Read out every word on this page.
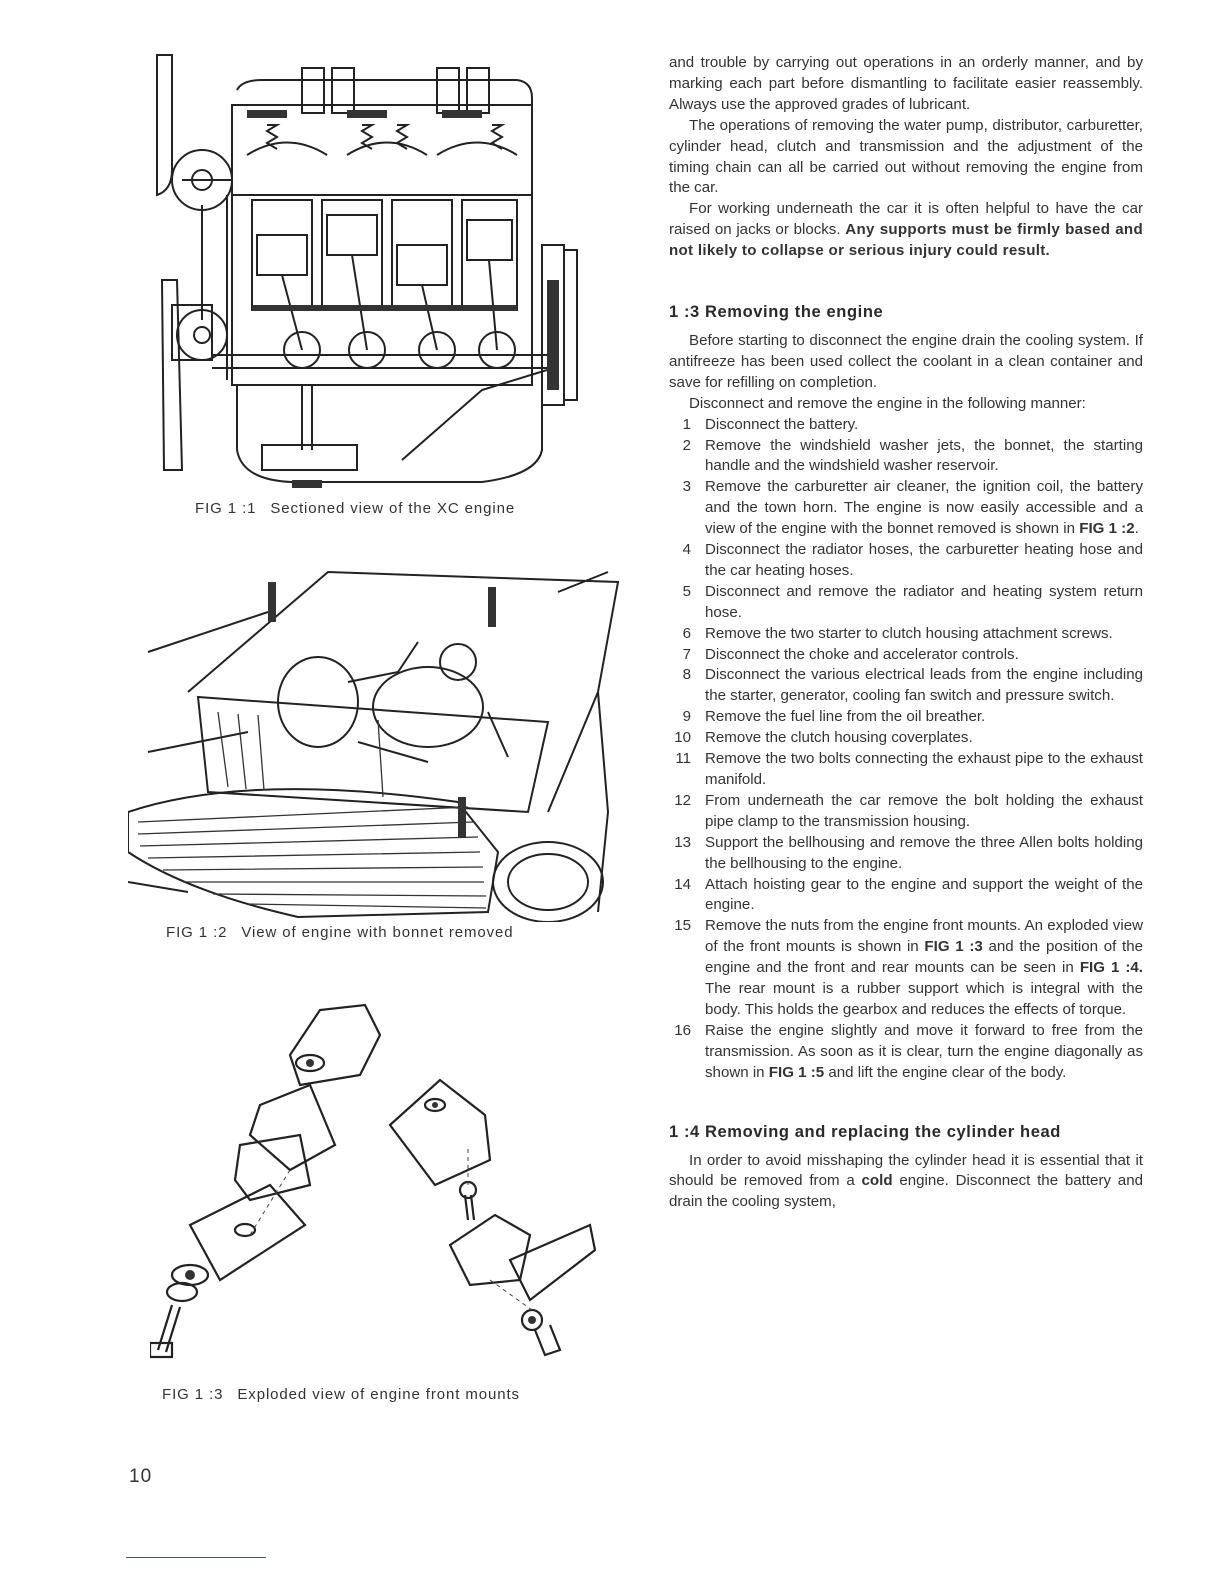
FIG 1 :1 Sectioned view of the XC engine
FIG 1 :2 View of engine with bonnet removed
FIG 1 :3 Exploded view of engine front mounts
10

and trouble by carrying out operations in an orderly manner, and by marking each part before dismantling to facilitate easier reassembly. Always use the approved grades of lubricant.

The operations of removing the water pump, distributor, carburetter, cylinder head, clutch and transmission and the adjustment of the timing chain can all be carried out without removing the engine from the car.

For working underneath the car it is often helpful to have the car raised on jacks or blocks. Any supports must be firmly based and not likely to collapse or serious injury could result.

1 :3 Removing the engine

Before starting to disconnect the engine drain the cooling system. If antifreeze has been used collect the coolant in a clean container and save for refilling on completion.

Disconnect and remove the engine in the following manner:

1 Disconnect the battery.
2 Remove the windshield washer jets, the bonnet, the starting handle and the windshield washer reservoir.
3 Remove the carburetter air cleaner, the ignition coil, the battery and the town horn. The engine is now easily accessible and a view of the engine with the bonnet removed is shown in FIG 1 :2.
4 Disconnect the radiator hoses, the carburetter heating hose and the car heating hoses.
5 Disconnect and remove the radiator and heating system return hose.
6 Remove the two starter to clutch housing attachment screws.
7 Disconnect the choke and accelerator controls.
8 Disconnect the various electrical leads from the engine including the starter, generator, cooling fan switch and pressure switch.
9 Remove the fuel line from the oil breather.
10 Remove the clutch housing coverplates.
11 Remove the two bolts connecting the exhaust pipe to the exhaust manifold.
12 From underneath the car remove the bolt holding the exhaust pipe clamp to the transmission housing.
13 Support the bellhousing and remove the three Allen bolts holding the bellhousing to the engine.
14 Attach hoisting gear to the engine and support the weight of the engine.
15 Remove the nuts from the engine front mounts. An exploded view of the front mounts is shown in FIG 1 :3 and the position of the engine and the front and rear mounts can be seen in FIG 1 :4. The rear mount is a rubber support which is integral with the body. This holds the gearbox and reduces the effects of torque.
16 Raise the engine slightly and move it forward to free from the transmission. As soon as it is clear, turn the engine diagonally as shown in FIG 1 :5 and lift the engine clear of the body.
1 :4 Removing and replacing the cylinder head

In order to avoid misshaping the cylinder head it is essential that it should be removed from a cold engine. Disconnect the battery and drain the cooling system,
